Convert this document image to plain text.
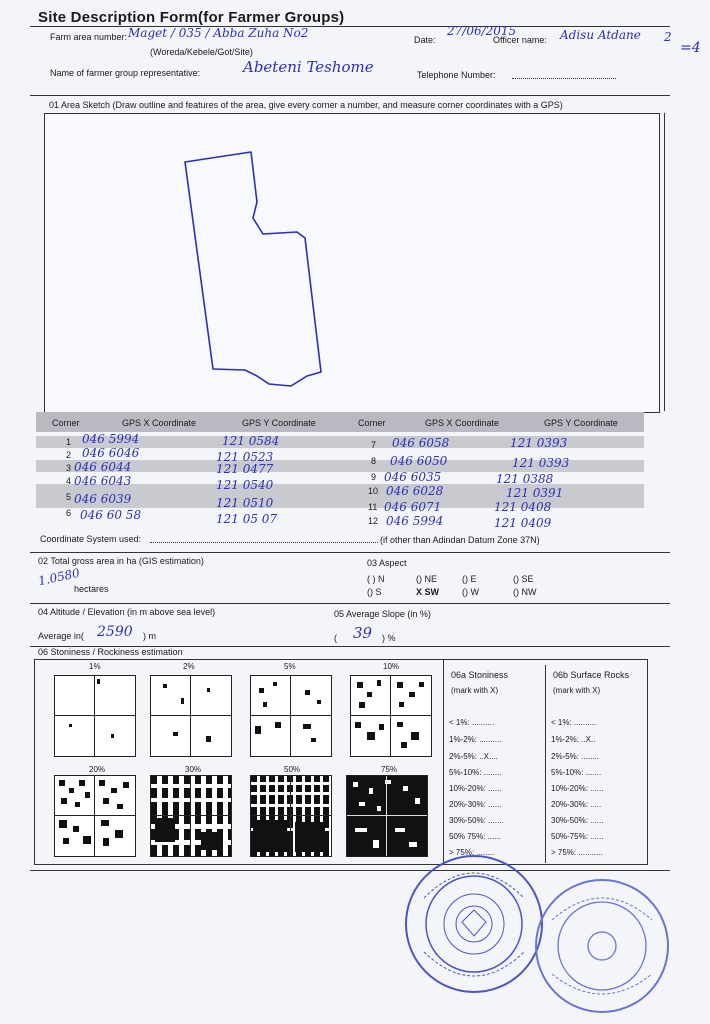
Site Description Form(for Farmer Groups)
Farm area number: Maget / 035 / Abba Zuha No2
(Woreda/Kebele/Got/Site)
Date:
27/06/2015
Officer name: Adisu Atdane 2
=4
Name of farmer group representative:	Abeteni Teshome	Telephone Number:
01 Area Sketch (Draw outline and features of the area, give every corner a number, and measure corner coordinates with a GPS)
Corner	GPS X Coordinate	GPS Y Coordinate	Corner	GPS X Coordinate	GPS Y Coordinate
1 046 5994	121 0584
2 046 6046	121 0523
3 046 6044	121 0477
4 046 6043	121 0540
5 046 6039	121 0510
6 046 60 58	121 05 07
7 046 6058	121 0393
8 046 6050	121 0393
9 046 6035	121 0388
10 046 6028	121 0391
11 046 6071	121 0408
12 046 5994	121 0409
Coordinate System used:	(if other than Adindan Datum Zone 37N)
02 Total gross area in ha (GIS estimation)
1.0580
hectares
03 Aspect
( ) N	() NE	() E	() SE
() S	X SW	() W	() NW
04 Altitude / Elevation (in m above sea level)
Average in( 2590 ) m
05 Average Slope (in %)
( 39 ) %
06 Stoniness / Rockiness estimation
1%	2%	5%	10%
20%	30%	50%	75%
06a Stoniness
(mark with X)
06b Surface Rocks
(mark with X)
< 1%: ..........
1%-2%: ..........
2%-5%: ..X....
5%-10%: ........
10%-20%: ......
20%-30%: ......
30%-50%: .......
50% 75%: ......
> 75%: ........
< 1%: ..........
1%-2%: ..X..
2%-5%: ........
5%-10%: .......
10%-20%: ......
20%-30%: .....
30%-50%: ......
50%-75%: ......
> 75%: ...........
